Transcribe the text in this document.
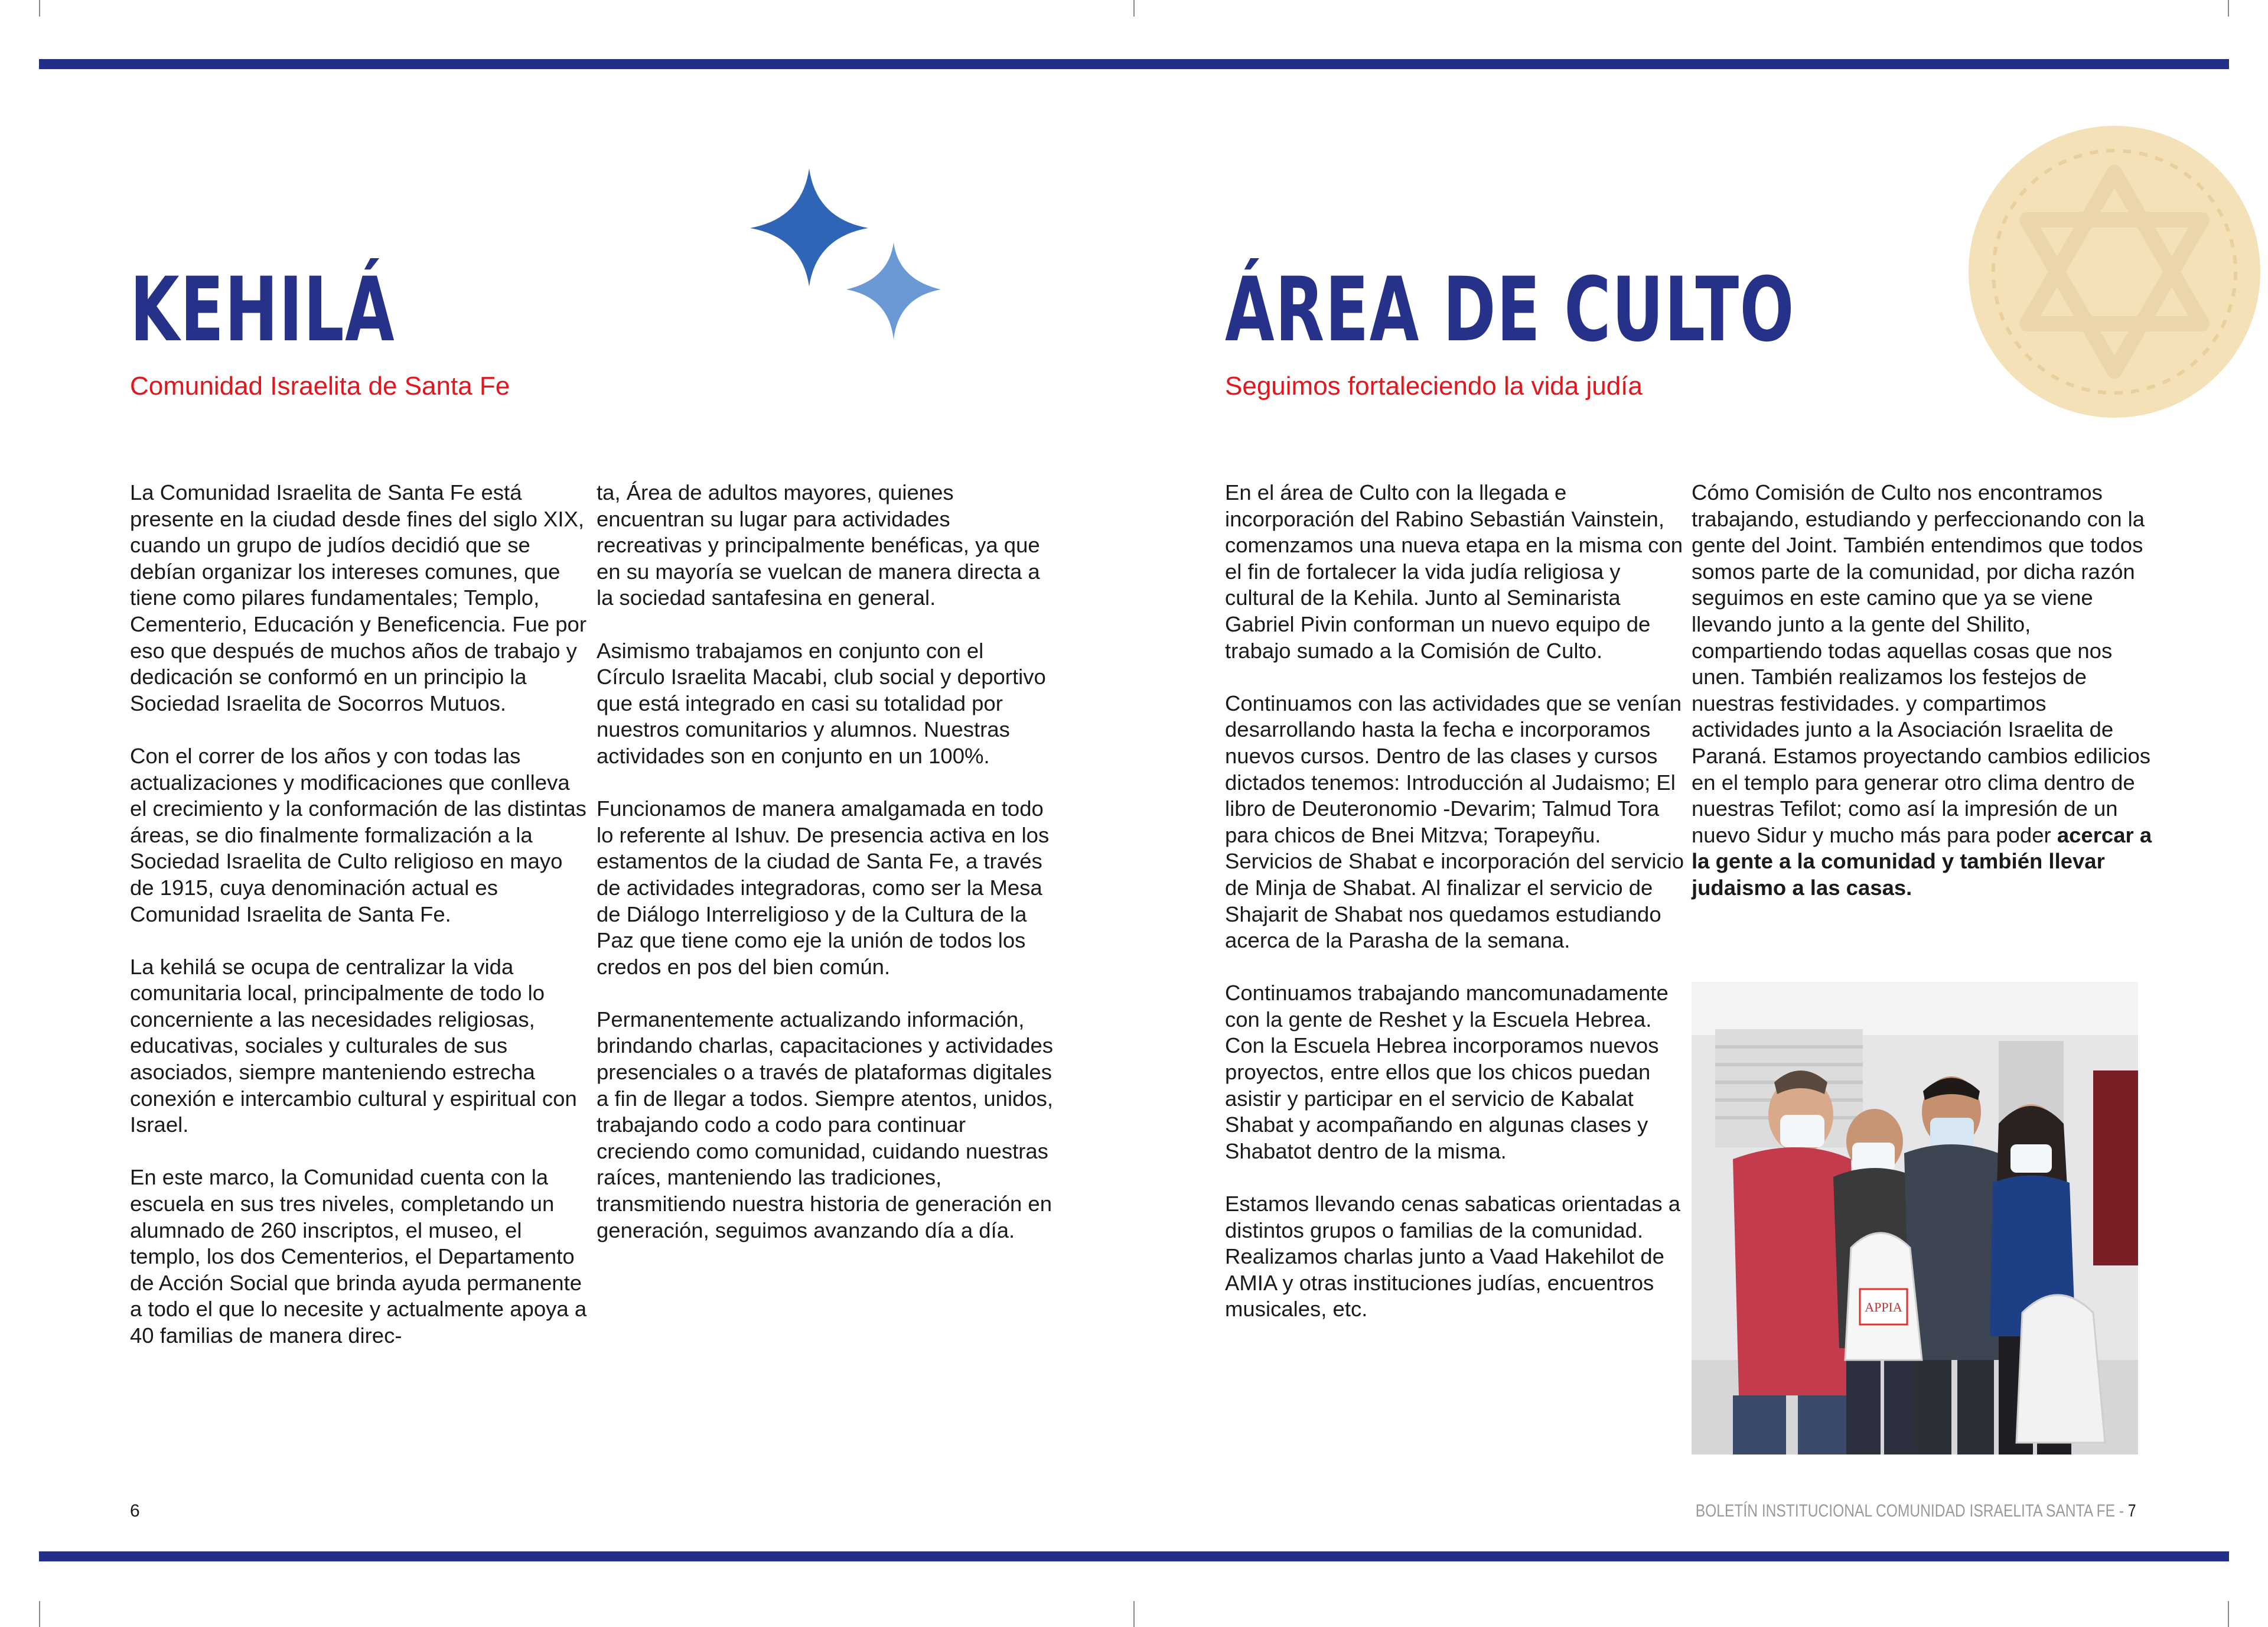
KEHILÁ
Comunidad Israelita de Santa Fe

La Comunidad Israelita de Santa Fe está presente en la ciudad desde fines del siglo XIX, cuando un grupo de judíos decidió que se debían organizar los intereses comunes, que tiene como pilares fundamentales; Templo, Cementerio, Educación y Beneficencia. Fue por eso que después de muchos años de trabajo y dedicación se conformó en un principio la Sociedad Israelita de Socorros Mutuos.

Con el correr de los años y con todas las actualizaciones y modificaciones que conlleva el crecimiento y la conformación de las distintas áreas, se dio finalmente formalización a la Sociedad Israelita de Culto religioso en mayo de 1915, cuya denominación actual es Comunidad Israelita de Santa Fe.

La kehilá se ocupa de centralizar la vida comunitaria local, principalmente de todo lo concerniente a las necesidades religiosas, educativas, sociales y culturales de sus asociados, siempre manteniendo estrecha conexión e intercambio cultural y espiritual con Israel.

En este marco, la Comunidad cuenta con la escuela en sus tres niveles, completando un alumnado de 260 inscriptos, el museo, el templo, los dos Cementerios, el Departamento de Acción Social que brinda ayuda permanente a todo el que lo necesite y actualmente apoya a 40 familias de manera direc-

ta, Área de adultos mayores, quienes encuentran su lugar para actividades recreativas y principalmente benéficas, ya que en su mayoría se vuelcan de manera directa a la sociedad santafesina en general.

Asimismo trabajamos en conjunto con el Círculo Israelita Macabi, club social y deportivo que está integrado en casi su totalidad por nuestros comunitarios y alumnos. Nuestras actividades son en conjunto en un 100%.

Funcionamos de manera amalgamada en todo lo referente al Ishuv. De presencia activa en los estamentos de la ciudad de Santa Fe, a través de actividades integradoras, como ser la Mesa de Diálogo Interreligioso y de la Cultura de la Paz que tiene como eje la unión de todos los credos en pos del bien común.

Permanentemente actualizando información, brindando charlas, capacitaciones y actividades presenciales o a través de plataformas digitales a fin de llegar a todos. Siempre atentos, unidos, trabajando codo a codo para continuar creciendo como comunidad, cuidando nuestras raíces, manteniendo las tradiciones, transmitiendo nuestra historia de generación en generación, seguimos avanzando día a día.

6
ÁREA DE CULTO
Seguimos fortaleciendo la vida judía

En el área de Culto con la llegada e incorporación del Rabino Sebastián Vainstein, comenzamos una nueva etapa en la misma con el fin de fortalecer la vida judía religiosa y cultural de la Kehila. Junto al Seminarista Gabriel Pivin conforman un nuevo equipo de trabajo sumado a la Comisión de Culto.

Continuamos con las actividades que se venían desarrollando hasta la fecha e incorporamos nuevos cursos. Dentro de las clases y cursos dictados tenemos: Introducción al Judaismo; El libro de Deuteronomio -Devarim; Talmud Tora para chicos de Bnei Mitzva; Torapeyñu. Servicios de Shabat e incorporación del servicio de Minja de Shabat. Al finalizar el servicio de Shajarit de Shabat nos quedamos estudiando acerca de la Parasha de la semana.

Continuamos trabajando mancomunadamente con la gente de Reshet y la Escuela Hebrea. Con la Escuela Hebrea incorporamos nuevos proyectos, entre ellos que los chicos puedan asistir y participar en el servicio de Kabalat Shabat y acompañando en algunas clases y Shabatot dentro de la misma.

Estamos llevando cenas sabaticas orientadas a distintos grupos o familias de la comunidad. Realizamos charlas junto a Vaad Hakehilot de AMIA y otras instituciones judías, encuentros musicales, etc.

Cómo Comisión de Culto nos encontramos trabajando, estudiando y perfeccionando con la gente del Joint. También entendimos que todos somos parte de la comunidad, por dicha razón seguimos en este camino que ya se viene llevando junto a la gente del Shilito, compartiendo todas aquellas cosas que nos unen. También realizamos los festejos de nuestras festividades. y compartimos actividades junto a la Asociación Israelita de Paraná. Estamos proyectando cambios edilicios en el templo para generar otro clima dentro de nuestras Tefilot; como así la impresión de un nuevo Sidur y mucho más para poder acercar a la gente a la comunidad y también llevar judaismo a las casas.

APPIA
BOLETÍN INSTITUCIONAL COMUNIDAD ISRAELITA SANTA FE - 7
